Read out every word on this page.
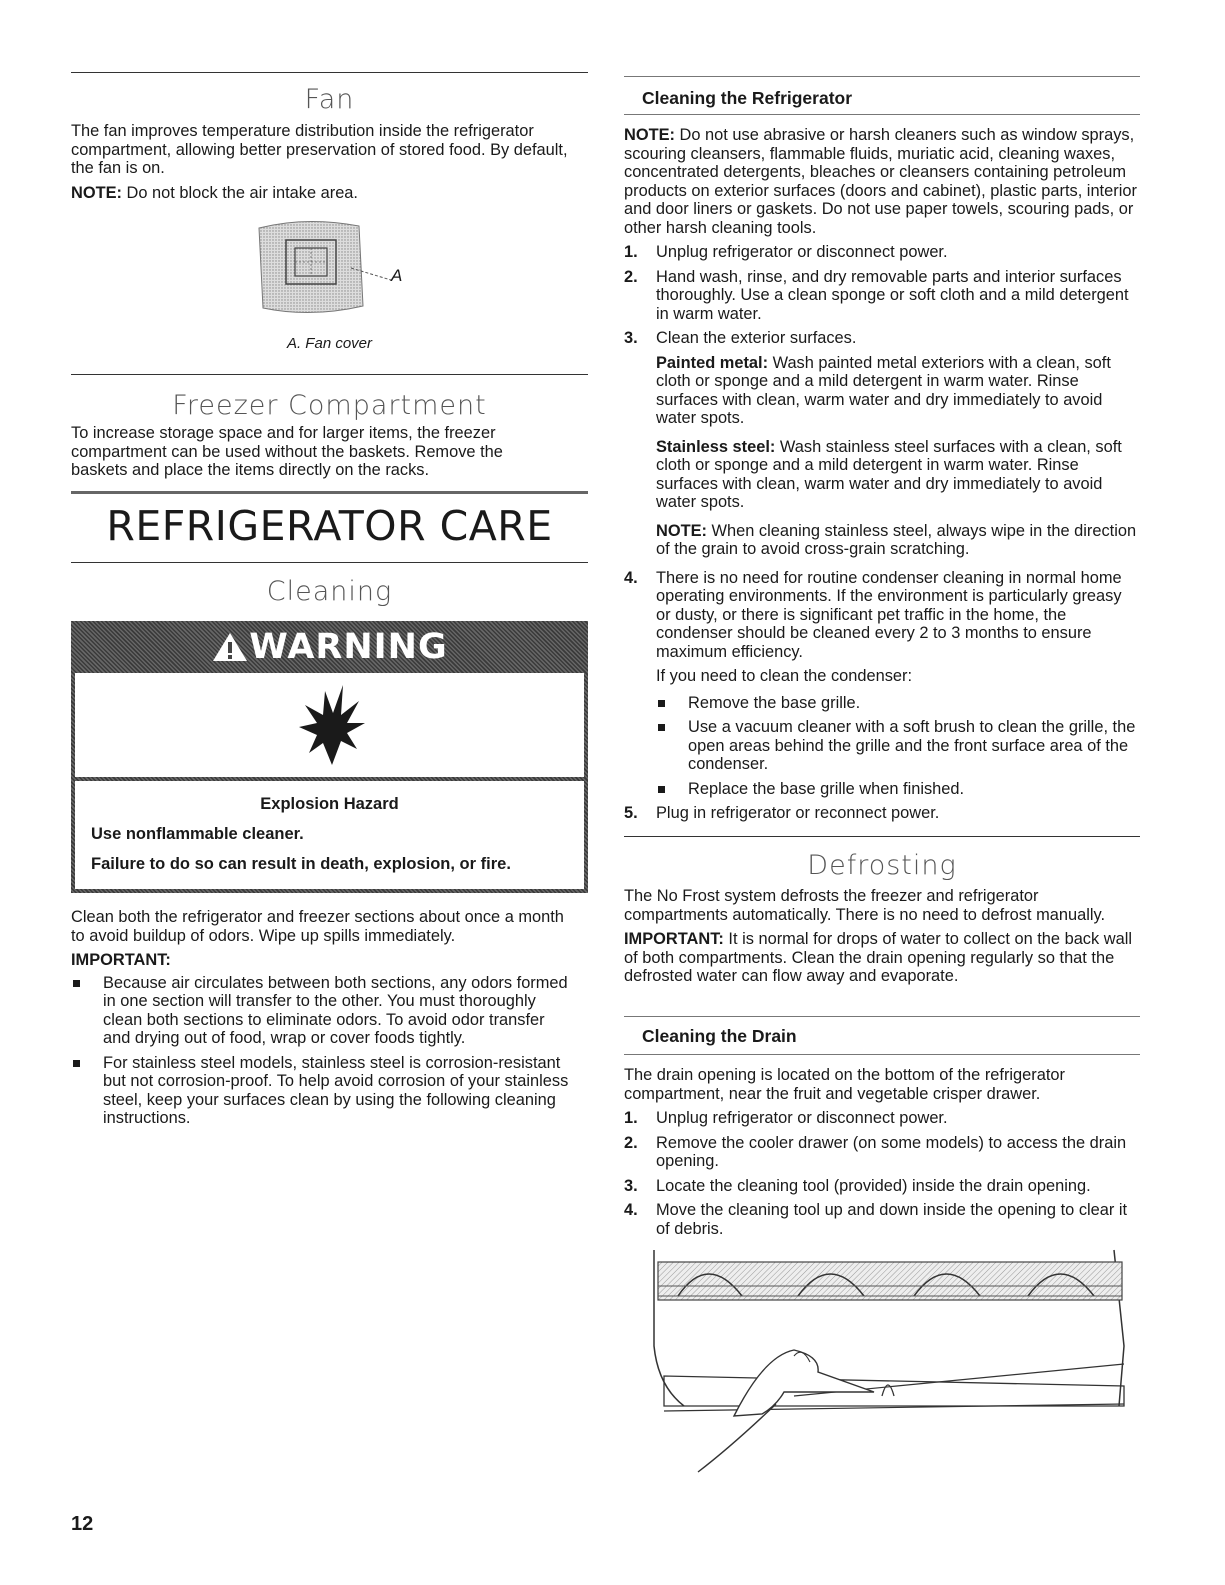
Fan

The fan improves temperature distribution inside the refrigerator compartment, allowing better preservation of stored food. By default, the fan is on.

NOTE: Do not block the air intake area.

A
A. Fan cover
Freezer Compartment

To increase storage space and for larger items, the freezer compartment can be used without the baskets. Remove the baskets and place the items directly on the racks.

REFRIGERATOR CARE
Cleaning
WARNING
Explosion Hazard
Use nonflammable cleaner.
Failure to do so can result in death, explosion, or fire.

Clean both the refrigerator and freezer sections about once a month to avoid buildup of odors. Wipe up spills immediately.

IMPORTANT:

Because air circulates between both sections, any odors formed in one section will transfer to the other. You must thoroughly clean both sections to eliminate odors. To avoid odor transfer and drying out of food, wrap or cover foods tightly.
For stainless steel models, stainless steel is corrosion-resistant but not corrosion-proof. To help avoid corrosion of your stainless steel, keep your surfaces clean by using the following cleaning instructions.
12
Cleaning the Refrigerator

NOTE: Do not use abrasive or harsh cleaners such as window sprays, scouring cleansers, flammable fluids, muriatic acid, cleaning waxes, concentrated detergents, bleaches or cleansers containing petroleum products on exterior surfaces (doors and cabinet), plastic parts, interior and door liners or gaskets. Do not use paper towels, scouring pads, or other harsh cleaning tools.

1. Unplug refrigerator or disconnect power.
2. Hand wash, rinse, and dry removable parts and interior surfaces thoroughly. Use a clean sponge or soft cloth and a mild detergent in warm water.
3. Clean the exterior surfaces.

Painted metal: Wash painted metal exteriors with a clean, soft cloth or sponge and a mild detergent in warm water. Rinse surfaces with clean, warm water and dry immediately to avoid water spots.

Stainless steel: Wash stainless steel surfaces with a clean, soft cloth or sponge and a mild detergent in warm water. Rinse surfaces with clean, warm water and dry immediately to avoid water spots.

NOTE: When cleaning stainless steel, always wipe in the direction of the grain to avoid cross-grain scratching.

4. There is no need for routine condenser cleaning in normal home operating environments. If the environment is particularly greasy or dusty, or there is significant pet traffic in the home, the condenser should be cleaned every 2 to 3 months to ensure maximum efficiency.

If you need to clean the condenser:

Remove the base grille.
Use a vacuum cleaner with a soft brush to clean the grille, the open areas behind the grille and the front surface area of the condenser.
Replace the base grille when finished.
5. Plug in refrigerator or reconnect power.
Defrosting

The No Frost system defrosts the freezer and refrigerator compartments automatically. There is no need to defrost manually.

IMPORTANT: It is normal for drops of water to collect on the back wall of both compartments. Clean the drain opening regularly so that the defrosted water can flow away and evaporate.

Cleaning the Drain

The drain opening is located on the bottom of the refrigerator compartment, near the fruit and vegetable crisper drawer.

1. Unplug refrigerator or disconnect power.
2. Remove the cooler drawer (on some models) to access the drain opening.
3. Locate the cleaning tool (provided) inside the drain opening.
4. Move the cleaning tool up and down inside the opening to clear it of debris.
